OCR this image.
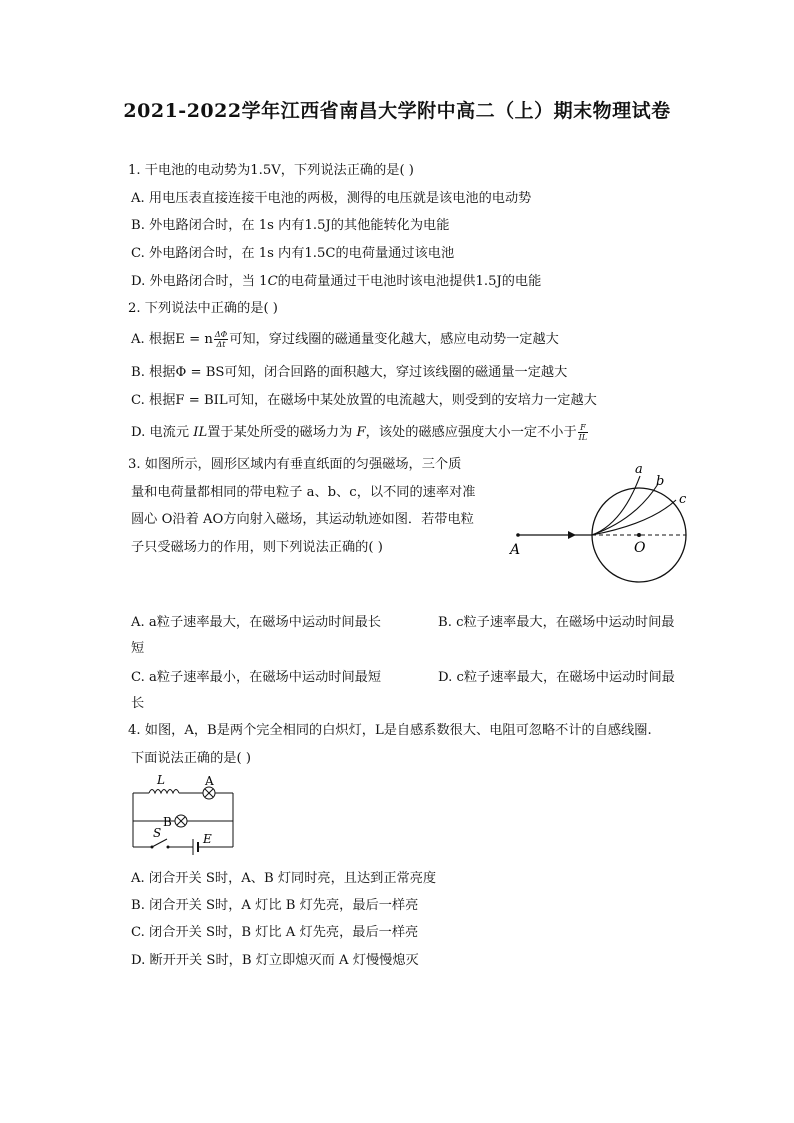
2021-2022学年江西省南昌大学附中高二（上）期末物理试卷
1. 干电池的电动势为1.5V，下列说法正确的是( )
A. 用电压表直接连接干电池的两极，测得的电压就是该电池的电动势
B. 外电路闭合时，在 1s 内有1.5J的其他能转化为电能
C. 外电路闭合时，在 1s 内有1.5C的电荷量通过该电池
D. 外电路闭合时，当 1C的电荷量通过干电池时该电池提供1.5J的电能
2. 下列说法中正确的是( )
A. 根据E = n $\frac{\Delta\Phi}{\Delta t}$ 可知，穿过线圈的磁通量变化越大，感应电动势一定越大
B. 根据Φ = BS可知，闭合回路的面积越大，穿过该线圈的磁通量一定越大
C. 根据F = BIL可知，在磁场中某处放置的电流越大，则受到的安培力一定越大
D. 电流元 IL置于某处所受的磁场力为 F，该处的磁感应强度大小一定不小于 $\frac{F}{IL}$
3. 如图所示，圆形区域内有垂直纸面的匀强磁场，三个质
量和电荷量都相同的带电粒子 a、b、c，以不同的速率对准
圆心 O沿着 AO方向射入磁场，其运动轨迹如图．若带电粒
子只受磁场力的作用，则下列说法正确的( )
a
b
c
A	O
A. a粒子速率最大，在磁场中运动时间最长	B. c粒子速率最大，在磁场中运动时间最
短
C. a粒子速率最小，在磁场中运动时间最短	D. c粒子速率最大，在磁场中运动时间最
长
4. 如图，A，B是两个完全相同的白炽灯，L是自感系数很大、电阻可忽略不计的自感线圈.
下面说法正确的是( )
L	A
B
S	E
A. 闭合开关 S时，A、B 灯同时亮，且达到正常亮度
B. 闭合开关 S时，A 灯比 B 灯先亮，最后一样亮
C. 闭合开关 S时，B 灯比 A 灯先亮，最后一样亮
D. 断开开关 S时，B 灯立即熄灭而 A 灯慢慢熄灭
